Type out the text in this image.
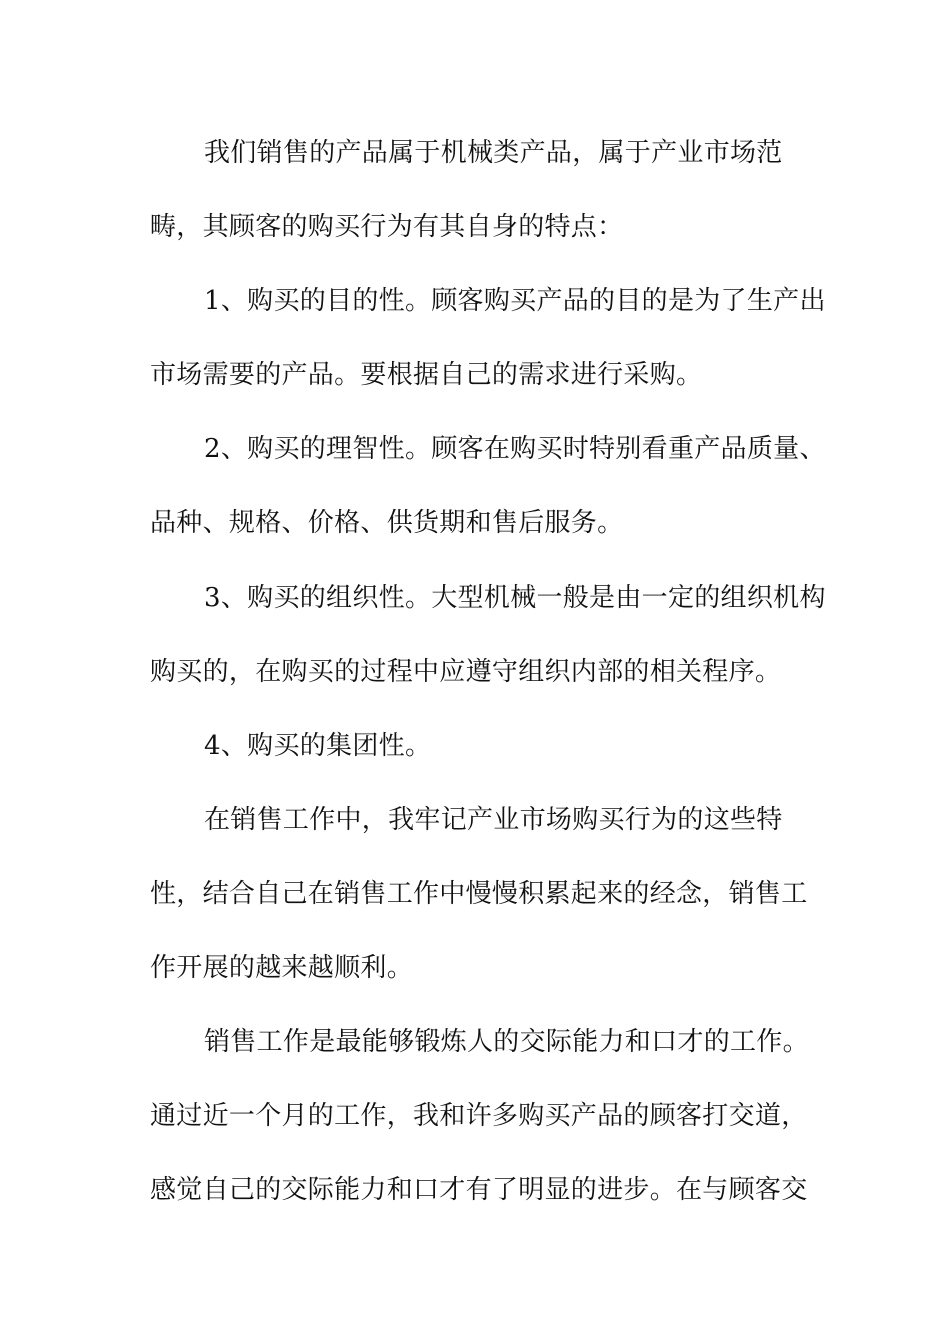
我们销售的产品属于机械类产品，属于产业市场范
畴，其顾客的购买行为有其自身的特点：
1、购买的目的性。顾客购买产品的目的是为了生产出
市场需要的产品。要根据自己的需求进行采购。
2、购买的理智性。顾客在购买时特别看重产品质量、
品种、规格、价格、供货期和售后服务。
3、购买的组织性。大型机械一般是由一定的组织机构
购买的，在购买的过程中应遵守组织内部的相关程序。
4、购买的集团性。
在销售工作中，我牢记产业市场购买行为的这些特
性，结合自己在销售工作中慢慢积累起来的经念，销售工
作开展的越来越顺利。
销售工作是最能够锻炼人的交际能力和口才的工作。
通过近一个月的工作，我和许多购买产品的顾客打交道，
感觉自己的交际能力和口才有了明显的进步。在与顾客交
